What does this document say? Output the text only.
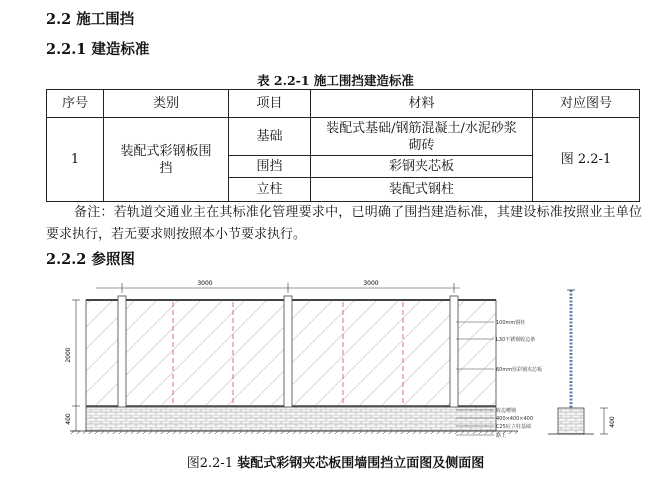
2.2 施工围挡
2.2.1 建造标准
表 2.2-1 施工围挡建造标准
序号	类别	项目	材料	对应图号
1	装配式彩钢板围挡	基础	装配式基础/钢筋混凝土/水泥砂浆砌砖	图 2.2-1
		围挡	彩钢夹芯板	
		立柱	装配式钢柱	
备注：若轨道交通业主在其标准化管理要求中，已明确了围挡建造标准，其建设标准按照业主单位要求执行，若无要求则按照本小节要求执行。
2.2.2 参照图
3000	3000
2000
400
100mm钢柱
L30不锈钢收边条
60mm厚彩钢夹芯板
收边槽钢
400×400×400
C25砼立柱基础
路上
400
图2.2-1 装配式彩钢夹芯板围墙围挡立面图及侧面图
